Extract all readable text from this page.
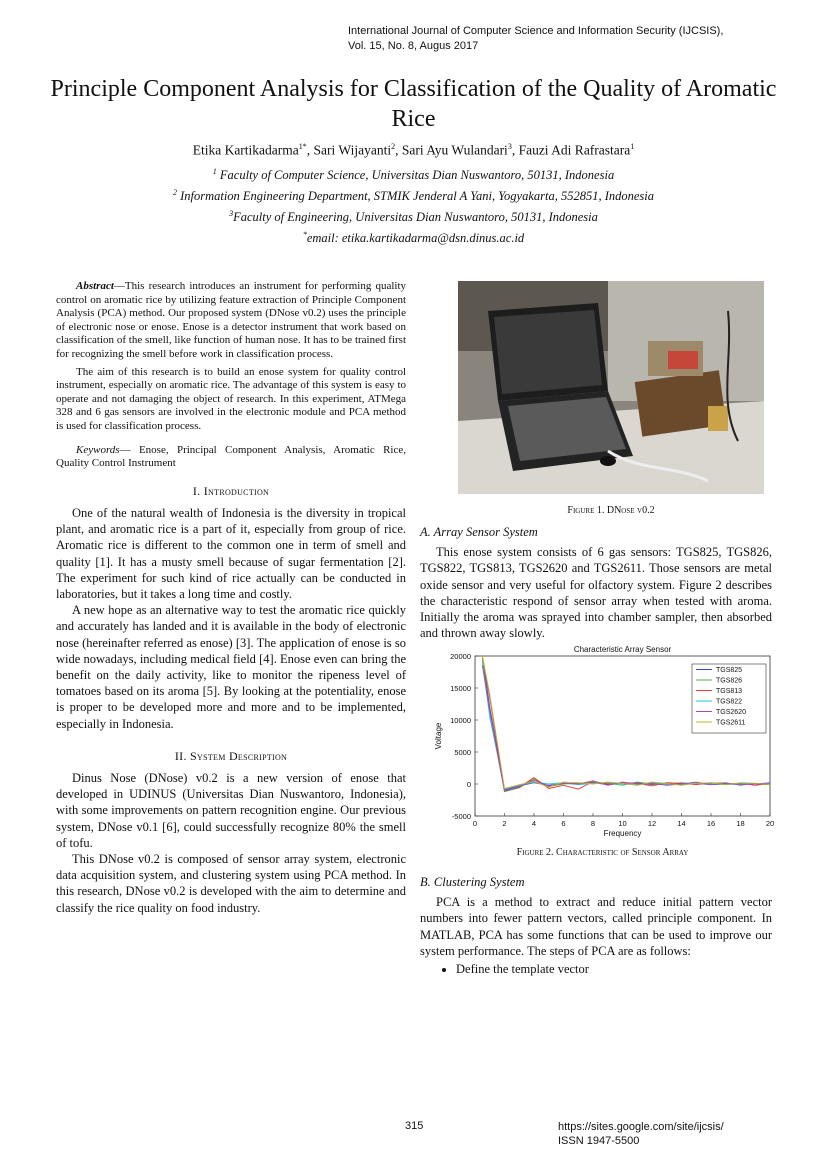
International Journal of Computer Science and Information Security (IJCSIS),
Vol. 15, No. 8, Augus 2017
Principle Component Analysis for Classification of the Quality of Aromatic Rice
Etika Kartikadarma$^{1*}$, Sari Wijayanti$^2$, Sari Ayu Wulandari$^3$, Fauzi Adi Rafrastara$^1$
$^1$ Faculty of Computer Science, Universitas Dian Nuswantoro, 50131, Indonesia
$^2$ Information Engineering Department, STMIK Jenderal A Yani, Yogyakarta, 552851, Indonesia
$^3$Faculty of Engineering, Universitas Dian Nuswantoro, 50131, Indonesia
*email: etika.kartikadarma@dsn.dinus.ac.id

Abstract—This research introduces an instrument for performing quality control on aromatic rice by utilizing feature extraction of Principle Component Analysis (PCA) method. Our proposed system (DNose v0.2) uses the principle of electronic nose or enose. Enose is a detector instrument that work based on classification of the smell, like function of human nose. It has to be trained first for recognizing the smell before work in classification process.

The aim of this research is to build an enose system for quality control instrument, especially on aromatic rice. The advantage of this system is easy to operate and not damaging the object of research. In this experiment, ATMega 328 and 6 gas sensors are involved in the electronic module and PCA method is used for classification process.

Keywords— Enose, Principal Component Analysis, Aromatic Rice, Quality Control Instrument

I. Introduction

One of the natural wealth of Indonesia is the diversity in tropical plant, and aromatic rice is a part of it, especially from group of rice. Aromatic rice is different to the common one in term of smell and quality [1]. It has a musty smell because of sugar fermentation [2]. The experiment for such kind of rice actually can be conducted in laboratories, but it takes a long time and costly.

A new hope as an alternative way to test the aromatic rice quickly and accurately has landed and it is available in the body of electronic nose (hereinafter referred as enose) [3]. The application of enose is so wide nowadays, including medical field [4]. Enose even can bring the benefit on the daily activity, like to monitor the ripeness level of tomatoes based on its aroma [5]. By looking at the potentiality, enose is proper to be developed more and more and to be implemented, especially in Indonesia.

II. System Description

Dinus Nose (DNose) v0.2 is a new version of enose that developed in UDINUS (Universitas Dian Nuswantoro, Indonesia), with some improvements on pattern recognition engine. Our previous system, DNose v0.1 [6], could successfully recognize 80% the smell of tofu.

This DNose v0.2 is composed of sensor array system, electronic data acquisition system, and clustering system using PCA method. In this research, DNose v0.2 is developed with the aim to determine and classify the rice quality on food industry.

Figure 1. DNose v0.2
A. Array Sensor System

This enose system consists of 6 gas sensors: TGS825, TGS826, TGS822, TGS813, TGS2620 and TGS2611. Those sensors are metal oxide sensor and very useful for olfactory system. Figure 2 describes the characteristic respond of sensor array when tested with aroma. Initially the aroma was sprayed into chamber sampler, then absorbed and thrown away slowly.

Characteristic Array Sensor
0	2	4	6	8	10	12	14	16	18	20
-5000
0
5000
10000
15000
20000
Frequency
Voltage
TGS825
TGS826
TGS813
TGS822
TGS2620
TGS2611
Figure 2. Characteristic of Sensor Array
B. Clustering System

PCA is a method to extract and reduce initial pattern vector numbers into fewer pattern vectors, called principle component. In MATLAB, PCA has some functions that can be used to improve our system performance. The steps of PCA are as follows:

• Define the template vector
315	https://sites.google.com/site/ijcsis/
ISSN 1947-5500
